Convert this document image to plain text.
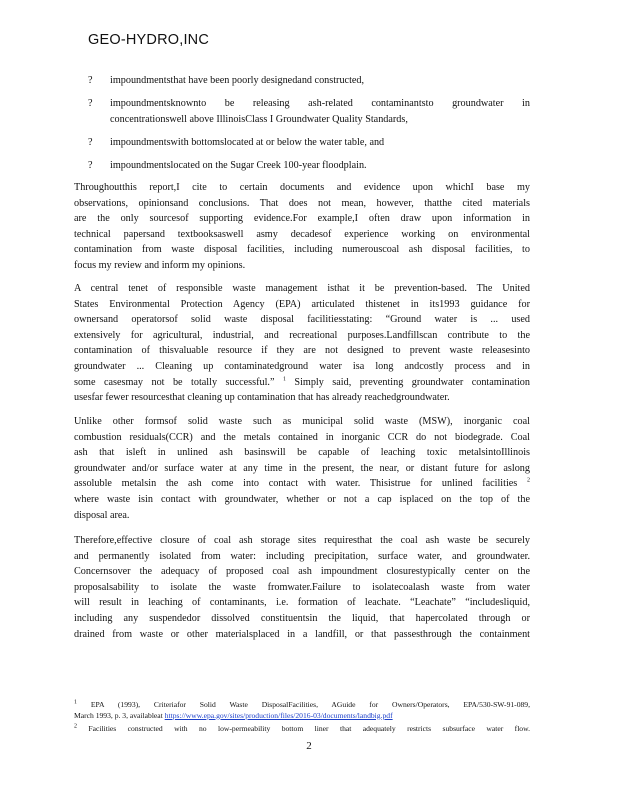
GEO-HYDRO,INC
? impoundmentsthat have been poorly designedand constructed,
? impoundmentsknownto be releasing ash-related contaminantsto groundwater in
concentrationswell above IllinoisClass I Groundwater Quality Standards,
? impoundmentswith bottomslocated at or below the water table, and
? impoundmentslocated on the Sugar Creek 100-year floodplain.
Throughoutthis report,I cite to certain documents and evidence upon whichI base my
observations, opinionsand conclusions. That does not mean, however, thatthe cited materials
are the only sourcesof supporting evidence.For example,I often draw upon information in
technical papersand textbooksaswell asmy decadesof experience working on environmental
contamination from waste disposal facilities, including numerouscoal ash disposal facilities, to
focus my review and inform my opinions.
A central tenet of responsible waste management isthat it be prevention-based. The United
States Environmental Protection Agency (EPA) articulated thistenet in its1993 guidance for
ownersand operatorsof solid waste disposal facilitiesstating: “Ground water is ... used
extensively for agricultural, industrial, and recreational purposes.Landfillscan contribute to the
contamination of thisvaluable resource if they are not designed to prevent waste releasesinto
groundwater ... Cleaning up contaminatedground water isa long andcostly process and in
some casesmay not be totally successful.” $^1$ Simply said, preventing groundwater contamination
usesfar fewer resourcesthat cleaning up contamination that has already reachedgroundwater.
Unlike other formsof solid waste such as municipal solid waste (MSW), inorganic coal
combustion residuals(CCR) and the metals contained in inorganic CCR do not biodegrade. Coal
ash that isleft in unlined ash basinswill be capable of leaching toxic metalsintoIllinois
groundwater and/or surface water at any time in the present, the near, or distant future for aslong
assoluble metalsin the ash come into contact with water. Thisistrue for unlined facilities $^2$
where waste isin contact with groundwater, whether or not a cap isplaced on the top of the
disposal area.
Therefore,effective closure of coal ash storage sites requiresthat the coal ash waste be securely
and permanently isolated from water: including precipitation, surface water, and groundwater.
Concernsover the adequacy of proposed coal ash impoundment closurestypically center on the
proposalsability to isolate the waste fromwater.Failure to isolatecoalash waste from water
will result in leaching of contaminants, i.e. formation of leachate. “Leachate” “includesliquid,
including any suspendedor dissolved constituentsin the liquid, that hapercolated through or
drained from waste or other materialsplaced in a landfill, or that passesthrough the containment
$^1$ EPA (1993), Criteriafor Solid Waste DisposalFacilities, AGuide for Owners/Operators, EPA/530-SW-91-089,
March 1993, p. 3, availableat https://www.epa.gov/sites/production/files/2016-03/documents/landbig.pdf
$^2$ Facilities constructed with no low-permeability bottom liner that adequately restricts subsurface water flow.
2
